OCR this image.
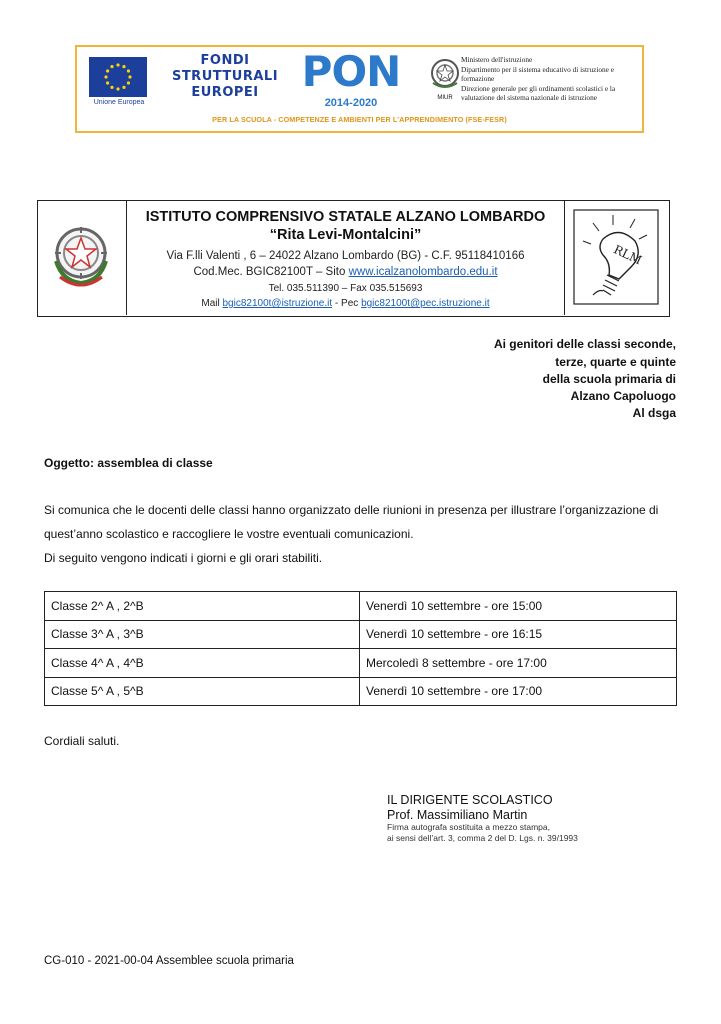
Unione Europea
FONDI
STRUTTURALI
EUROPEI	PON
2014-2020	MIUR
Ministero dell'istruzione
Dipartimento per il sistema educativo di istruzione e
formazione
Direzione generale per gli ordinamenti scolastici e la
valutazione del sistema nazionale di istruzione
PER LA SCUOLA - COMPETENZE E AMBIENTI PER L'APPRENDIMENTO (FSE-FESR)
ISTITUTO COMPRENSIVO STATALE ALZANO LOMBARDO
“Rita Levi-Montalcini”
Via F.lli Valenti , 6 – 24022 Alzano Lombardo (BG) - C.F. 95118410166
Cod.Mec. BGIC82100T – Sito www.icalzanolombardo.edu.it
Tel. 035.511390 – Fax 035.515693
Mail bgic82100t@istruzione.it - Pec bgic82100t@pec.istruzione.it
RLM
Ai genitori delle classi seconde,
terze, quarte e quinte
della scuola primaria di
Alzano Capoluogo
Al dsga
Oggetto: assemblea di classe
Si comunica che le docenti delle classi hanno organizzato delle riunioni in presenza per illustrare l’organizzazione di
quest’anno scolastico e raccogliere le vostre eventuali comunicazioni.
Di seguito vengono indicati i giorni e gli orari stabiliti.
Classe 2^ A , 2^B	Venerdì 10 settembre - ore 15:00
Classe 3^ A , 3^B	Venerdì 10 settembre - ore 16:15
Classe 4^ A , 4^B	Mercoledì 8 settembre - ore 17:00
Classe 5^ A , 5^B	Venerdì 10 settembre - ore 17:00
Cordiali saluti.
IL DIRIGENTE SCOLASTICO
Prof. Massimiliano Martin
Firma autografa sostituita a mezzo stampa,
ai sensi dell’art. 3, comma 2 del D. Lgs. n. 39/1993
CG-010 - 2021-00-04 Assemblee scuola primaria
